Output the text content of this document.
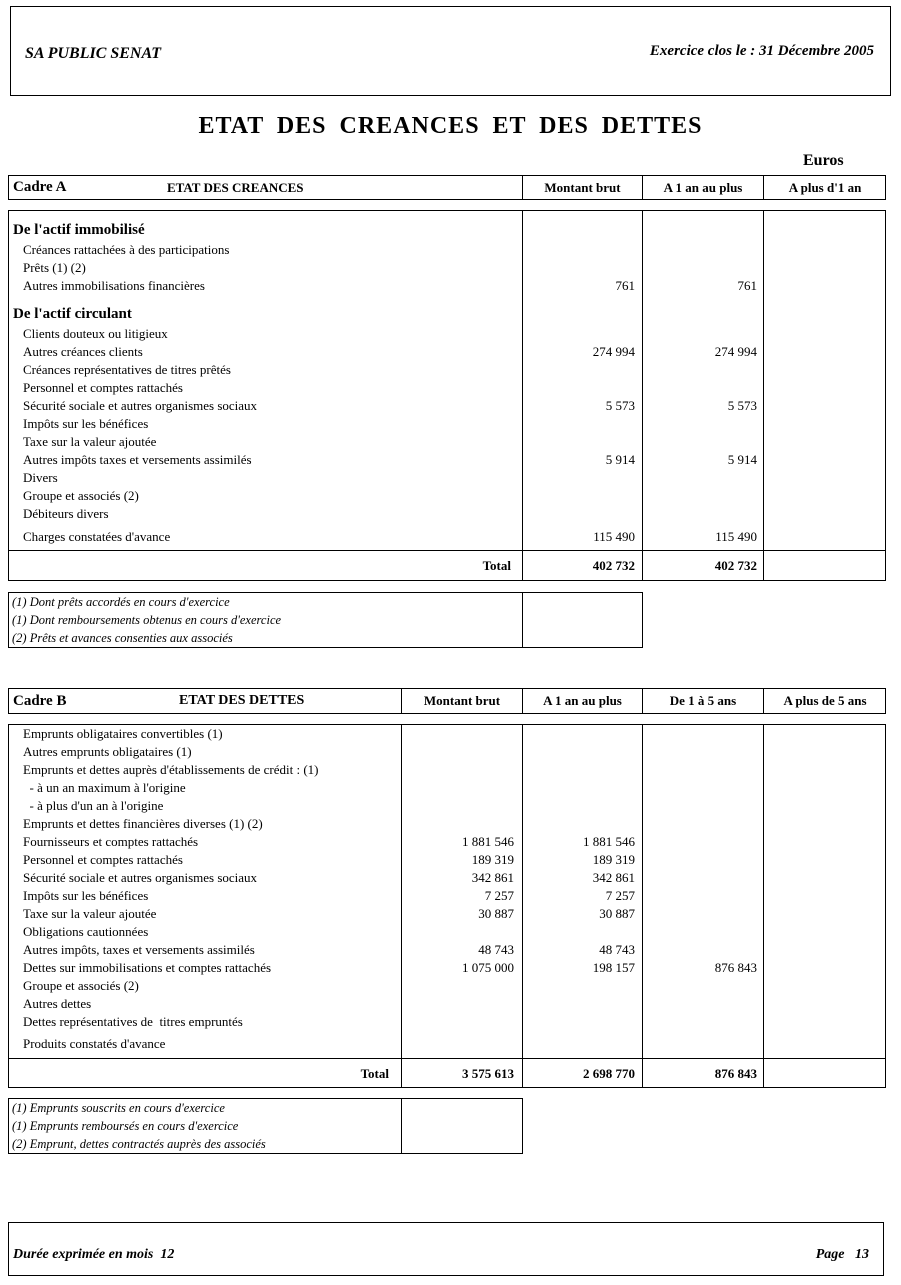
SA PUBLIC SENAT	Exercice clos le : 31 Décembre 2005
ETAT DES CREANCES ET DES DETTES
Euros
Cadre A	ETAT DES CREANCES	Montant brut	A 1 an au plus	A plus d'1 an
De l'actif immobilisé
Créances rattachées à des participations
Prêts (1) (2)
Autres immobilisations financières	761	761
De l'actif circulant
Clients douteux ou litigieux
Autres créances clients	274 994	274 994
Créances représentatives de titres prêtés
Personnel et comptes rattachés
Sécurité sociale et autres organismes sociaux	5 573	5 573
Impôts sur les bénéfices
Taxe sur la valeur ajoutée
Autres impôts taxes et versements assimilés	5 914	5 914
Divers
Groupe et associés (2)
Débiteurs divers
Charges constatées d'avance	115 490	115 490
Total	402 732	402 732
(1) Dont prêts accordés en cours d'exercice
(1) Dont remboursements obtenus en cours d'exercice
(2) Prêts et avances consenties aux associés
Cadre B	ETAT DES DETTES	Montant brut	A 1 an au plus	De 1 à 5 ans	A plus de 5 ans
Emprunts obligataires convertibles (1)
Autres emprunts obligataires (1)
Emprunts et dettes auprès d'établissements de crédit : (1)
- à un an maximum à l'origine
- à plus d'un an à l'origine
Emprunts et dettes financières diverses (1) (2)
Fournisseurs et comptes rattachés	1 881 546	1 881 546
Personnel et comptes rattachés	189 319	189 319
Sécurité sociale et autres organismes sociaux	342 861	342 861
Impôts sur les bénéfices	7 257	7 257
Taxe sur la valeur ajoutée	30 887	30 887
Obligations cautionnées
Autres impôts, taxes et versements assimilés	48 743	48 743
Dettes sur immobilisations et comptes rattachés	1 075 000	198 157	876 843
Groupe et associés (2)
Autres dettes
Dettes représentatives de  titres empruntés
Produits constatés d'avance
Total	3 575 613	2 698 770	876 843
(1) Emprunts souscrits en cours d'exercice
(1) Emprunts remboursés en cours d'exercice
(2) Emprunt, dettes contractés auprès des associés
Durée exprimée en mois 12	Page 13
